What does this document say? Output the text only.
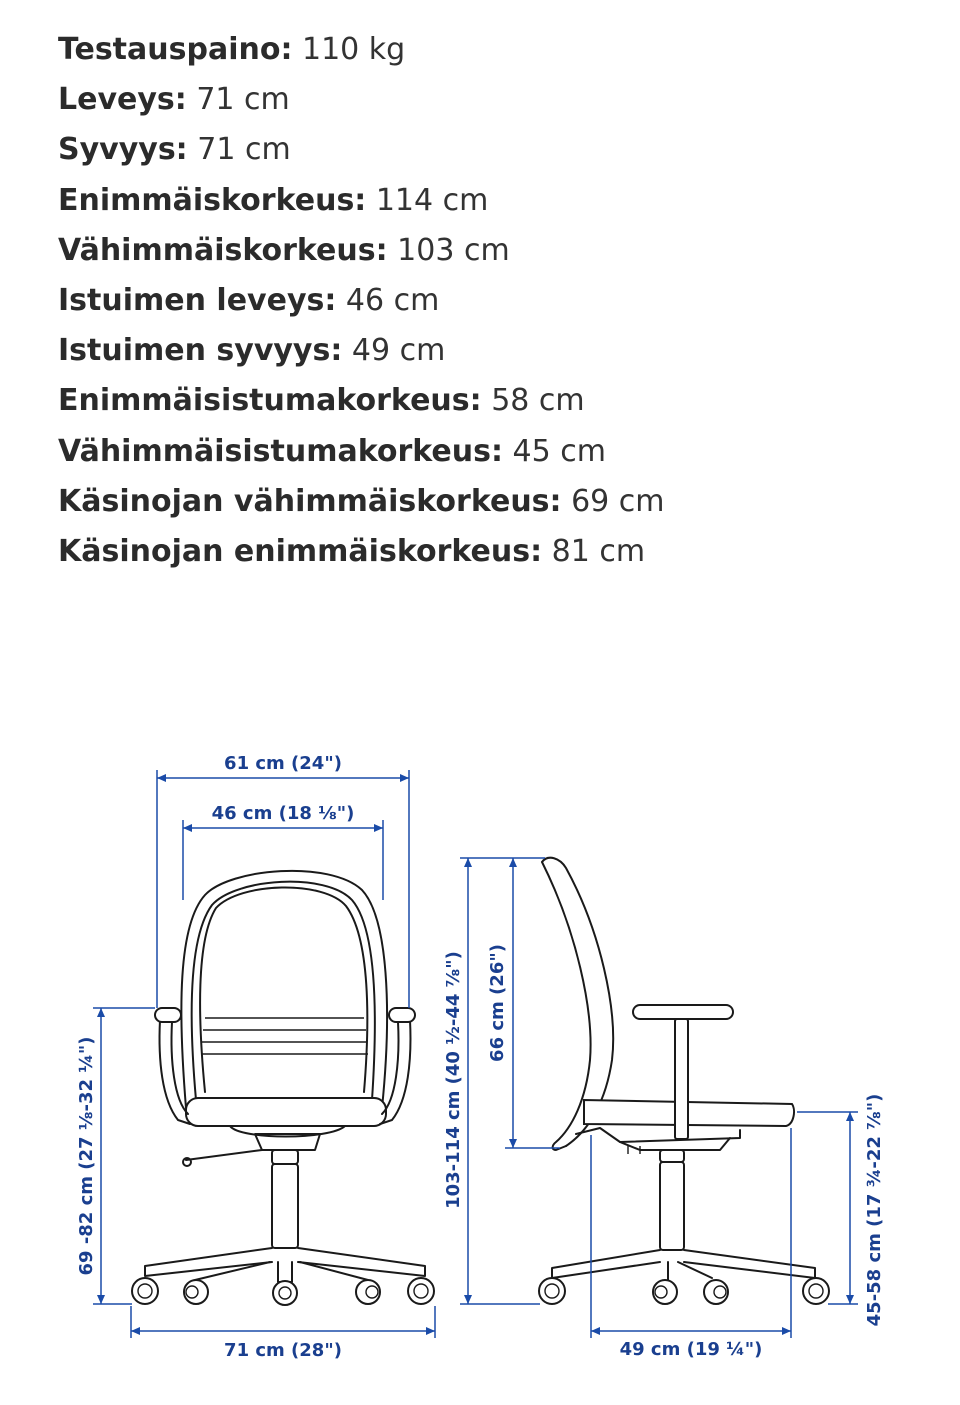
Testauspaino: 110 kg
Leveys: 71 cm
Syvyys: 71 cm
Enimmäiskorkeus: 114 cm
Vähimmäiskorkeus: 103 cm
Istuimen leveys: 46 cm
Istuimen syvyys: 49 cm
Enimmäisistumakorkeus: 58 cm
Vähimmäisistumakorkeus: 45 cm
Käsinojan vähimmäiskorkeus: 69 cm
Käsinojan enimmäiskorkeus: 81 cm
61 cm (24")
46 cm (18 ⅛")
71 cm (28")
69 -82 cm (27 ⅛-32 ¼")	103-114 cm (40 ½-44 ⅞") 66 cm (26")
49 cm (19 ¼")
45-58 cm (17 ¾-22 ⅞")
